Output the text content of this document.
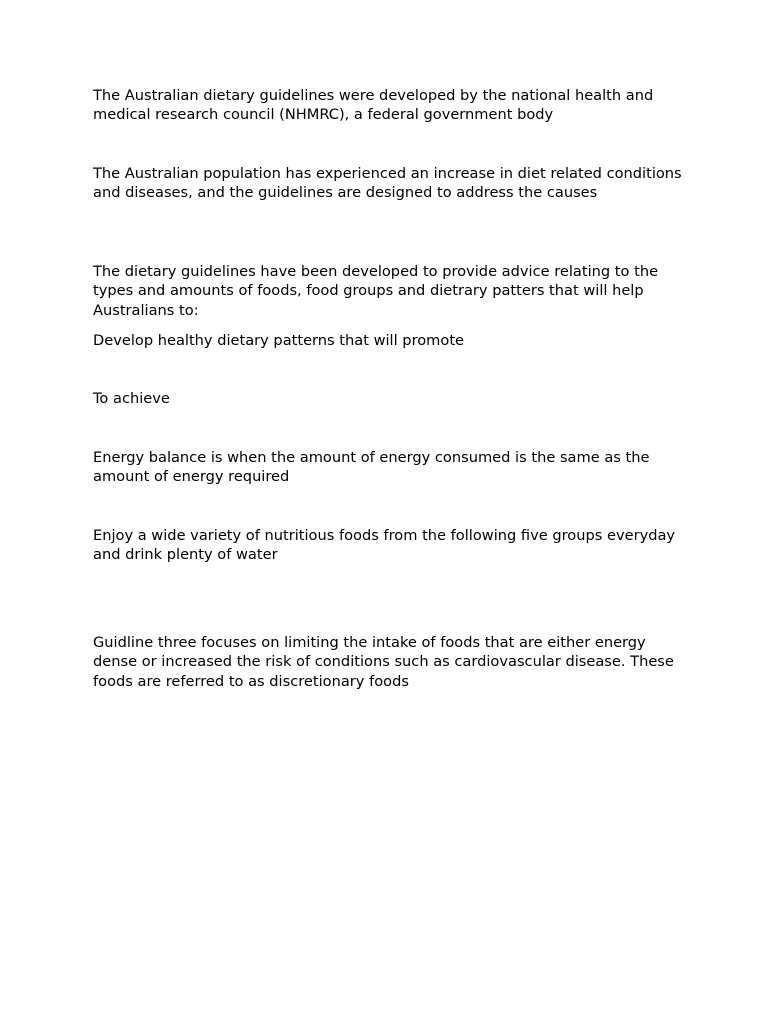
The Australian dietary guidelines were developed by the national health and medical research council (NHMRC), a federal government body

The Australian population has experienced an increase in diet related conditions and diseases, and the guidelines are designed to address the causes

The dietary guidelines have been developed to provide advice relating to the types and amounts of foods, food groups and dietrary patters that will help Australians to:

Develop healthy dietary patterns that will promote

To achieve

Energy balance is when the amount of energy consumed is the same as the amount of energy required

Enjoy a wide variety of nutritious foods from the following five groups everyday and drink plenty of water

Guidline three focuses on limiting the intake of foods that are either energy dense or increased the risk of conditions such as cardiovascular disease. These foods are referred to as discretionary foods
